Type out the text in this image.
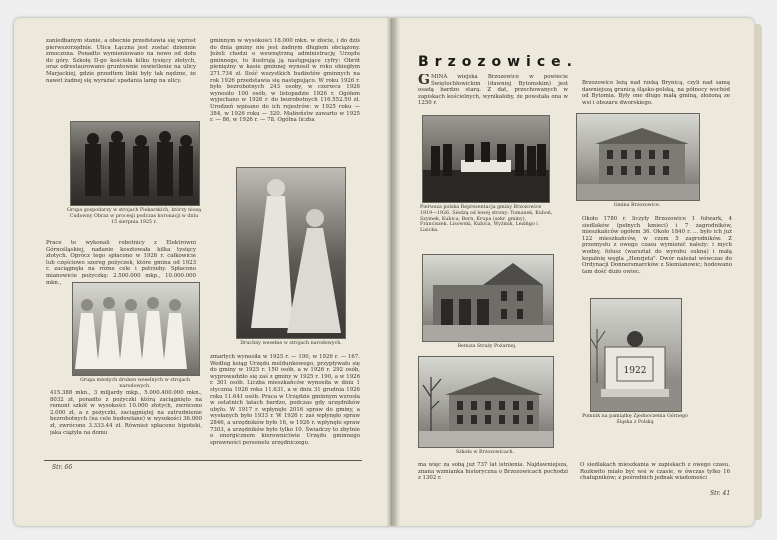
zaniedbanym stanie, a obecnie przedstawia się wprost pierwszorzędnie. Ulica Łączna jest zostać dziennie zmoczona. Ponadto wymieniowano na nowo od dołu do góry. Szkołę II-go kościoła kilku tysięcy złotych, oraz odrestaurowano gruntownie oświetlenie na ulicy Marjackiej, gdzie przedtem linki były tak nędzne, że nawet żadnej się wyrażać spadania lamp na ulicy.
gminnym w wysokości 18.000 mkn. w złocie, i do dziś do dnia gminy nie jest żadnym długiem obciążony. Jeżeli chodzi o wewnętrzną administrację Urzędu gminnego, to ilustrują ją następujące cyfry: Obrót pieniężny w kasie gminnej wynosił w roku obiegłym 271.734 zł. Ilość wszystkich budżetów gminnych na rok 1926 przedstawia się następująco. W roku 1926 r. było bezrobotnych 243 osoby, w czerwcu 1926 wynosiło 100 osób, w listopadzie 1926 r. Ogółem wyjechano w 1926 r. do bezrobotnych 116.552.50 zł. Urodzeń wpisano do ich rejestrów: w 1925 roku — 384, w 1926 roku — 320. Małżeństw zawarto w 1925 r. — 86, w 1926 r. — 78. Ogólna liczba
Grupa gospodarzy w strojach Piekarskich, którzy niosą Cudowny Obraz w procesji podczas koronacji w dniu 15 sierpnia 1925 r.
Prace te wykonali robotnicy z Elektrowni Górnośląskiej, nadanie kosztowała kilka tysięcy złotych. Oprócz tego spłacono w 1926 r. całkowicie lub częściowo szereg pożyczek, które gmina od 1923 r. zaciągnęła na różne cele i potrzeby. Spłacono mianowicie pożyczkę: 2.500.000 mkp., 10.000.000 mkn.,
Druchny weselne w strojach narodowych.
Grupa młodych druhen weselnych w strojach narodowych.
415.388 mkn., 3 miljardy mkp., 5.000.400.000 mkn., 8032 zł, ponadto z pożyczki którą zaciągnięto na remont szkół w wysokości 10.000 złotych, zwrócono 2.000 zł, a z pożyczki, zaciągniętej na zatrudnienie bezrobotnych (na cele budowlane) w wysokości 36.000 zł, zwrócono 3.333.44 zł. Również spłacono hipoteki, jaka ciążyła na domu
zmarłych wynosiła w 1925 r. — 190, w 1926 r. — 167. Według ksiąg Urzędu meldunkowego, przypływało się do gminy w 1925 r. 150 osób, a w 1926 r. 292 osób, wyprowadziło się zaś z gminy w 1925 r. 190, a w 1926 r. 301 osób. Liczba mieszkańców wynosiła w dniu 1 stycznia 1926 roku 11.631, a w dniu 31 grudnia 1926 roku 11.641 osób. Praca w Urzędzie gminnym wzrosła w ostatnich latach bardzo, podczas gdy urzędników ubyło. W 1917 r. wpłynęło 2016 spraw do gminy, a wysłanych było 1933 r. W 1926 r. zaś wpłynęło spraw 2846, a urzędników było 16, w 1926 r. wpłynęło spraw 7303, a urzędników było tylko 10. Świadczy to zbytnie o energicznem kierownictwie Urzędu gminnego sprawności personelu urzędniczego.
Str. 66
Brzozowice.
G MINA wiejska Brzozowice w powiecie Świętochłowickim (dawniej Bytomskim) jest osadą bardzo starą. Z dat, przechowanych w zapiskach kościelnych, wynikałoby, że powstała ona w 1250 r.
Brzozowice leżą nad rzeką Brynicą, czyli nad samą dawniejszą granicą śląsko-polską, na północy wschód od Bytomia. Były one długo małą gminą, złożoną ze wsi i obszaru dworskiego.
Pierwsza polska Reprezentacja gminy Brzozowice 1919—1926. Siedzą od lewej strony: Tomanek, Kuboń, Szymek, Kubica, Bern, Krupa (sekr. gminy), Franciszek, Lisowski, Kubica, Wyżmik, Lezińgo i Lisicka.
Gmina Brzozowice.
Około 1780 r. liczyły Brzozowice 1 folwark, 4 siedlaków (pełnych kmieci) i 7 zagrodników, mieszkańców ogółem 36. Około 1840 r. ... było ich już 122 mieszkańców, w czem 5 zagrodników. Z przemysłu z owego czasu wymienić należy: i mych wodny, folusz (warsztat do wyrobu sukna) i małą kopalnię węgla „Henrjeta". Dwór należał wówczas do Ordynacji Donnersmarcków z Siemianowic; hodowano tam dość dużo owiec.
Remiza Straży Pożarnej.
Szkoła w Brzozowicach.
1922
Pomnik na pamiątkę Zjednoczenia Górnego Śląska z Polską
ma więc za sobą już 737 lat istnienia. Najdawniejsza, znana wzmianka historyczna o Brzozowicach pochodzi z 1302 r.
O siedlakach mieszkania w zapiskach z owego czasu. Rozkwito miało być wsi w czasie, w ówczas tylko 16 chałupników; z pośrednich jednak wiadomości
Str. 41
